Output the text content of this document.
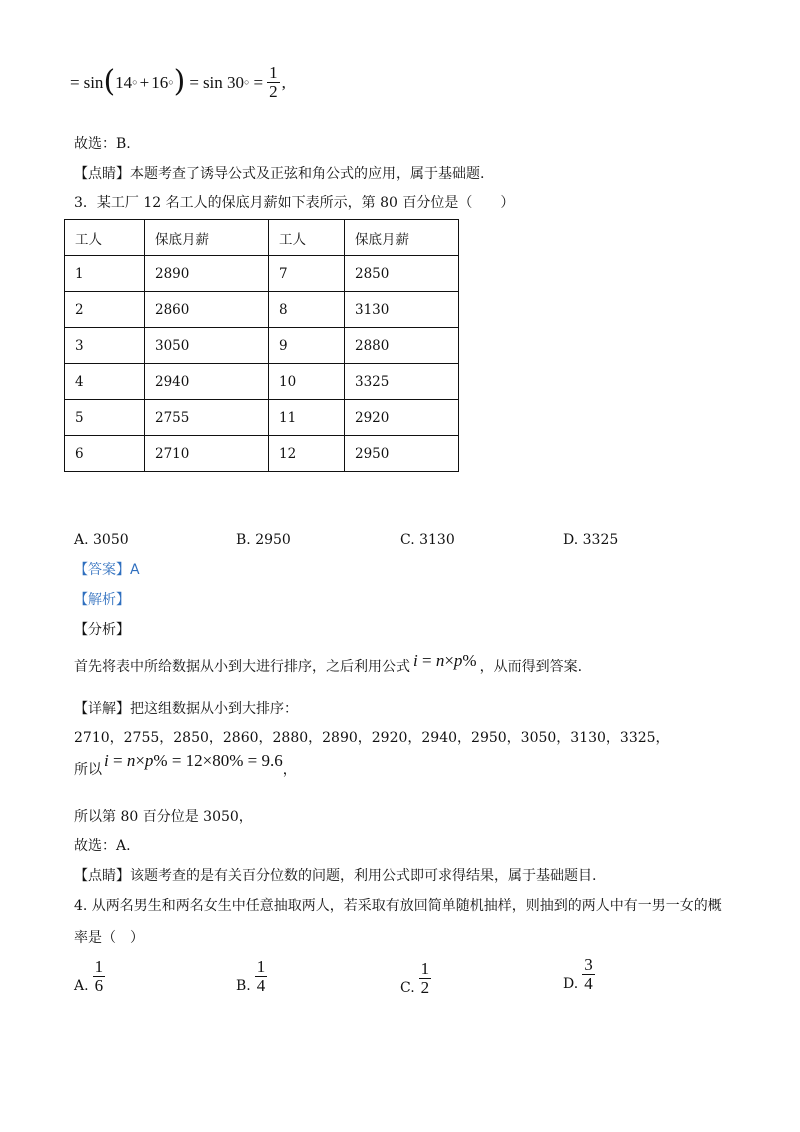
= sin ( 14 ○ + 16 ○ ) = sin 30 ○ = $\frac{1}{2}$ ,
故选：B.
【点睛】本题考查了诱导公式及正弦和角公式的应用，属于基础题.
3．某工厂 12 名工人的保底月薪如下表所示，第 80 百分位是（　　）
工人	保底月薪	工人	保底月薪
1	2890	7	2850
2	2860	8	3130
3	3050	9	2880
4	2940	10	3325
5	2755	11	2920
6	2710	12	2950
A. 3050	B. 2950	C. 3130	D. 3325
【答案】A
【解析】
【分析】
首先将表中所给数据从小到大进行排序，之后利用公式 i = n×p% ，从而得到答案.
【详解】把这组数据从小到大排序：
2710，2755，2850，2860，2880，2890，2920，2940，2950，3050，3130，3325，
所以 i = n×p% = 12×80% = 9.6 ，
所以第 80 百分位是 3050，
故选：A.
【点睛】该题考查的是有关百分位数的问题，利用公式即可求得结果，属于基础题目.
4. 从两名男生和两名女生中任意抽取两人，若采取有放回简单随机抽样，则抽到的两人中有一男一女的概
率是（　）
A. $\frac{1}{6}$	B. $\frac{1}{4}$	C. $\frac{1}{2}$	D. $\frac{3}{4}$
